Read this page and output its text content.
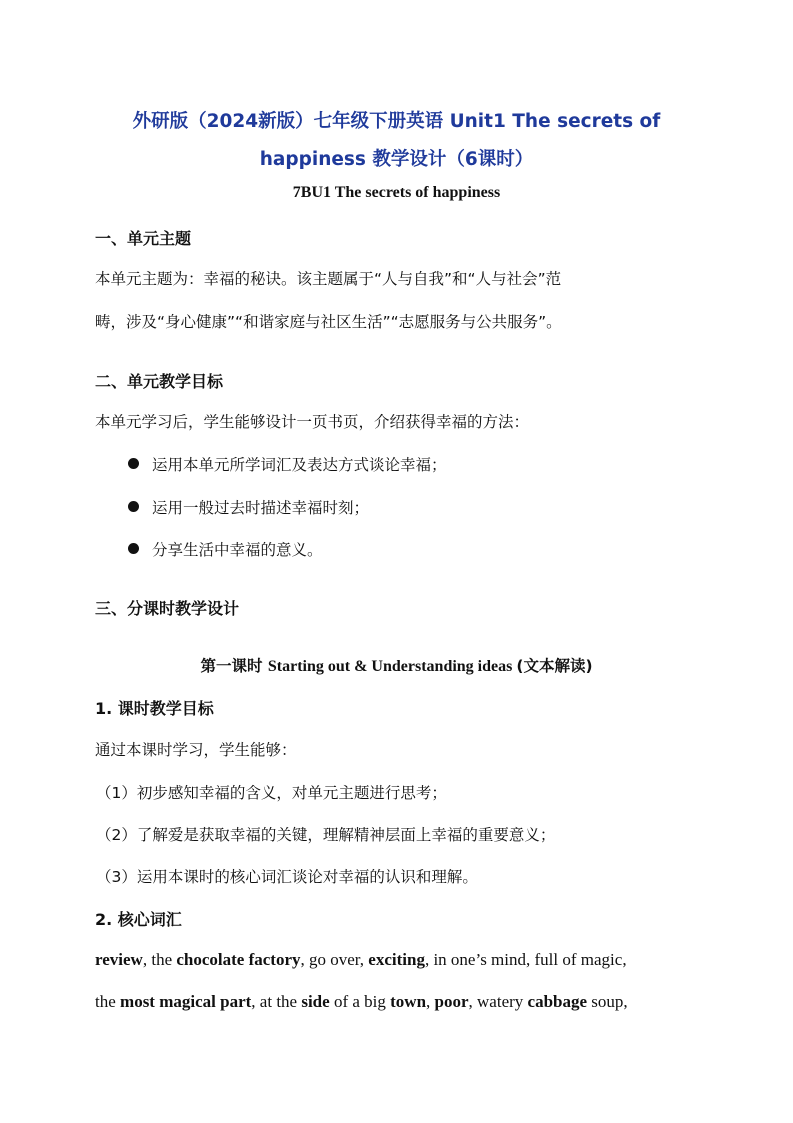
外研版（2024新版）七年级下册英语 Unit1 The secrets of
happiness 教学设计（6课时）
7BU1 The secrets of happiness
一、单元主题
本单元主题为：幸福的秘诀。该主题属于“人与自我”和“人与社会”范
畴，涉及“身心健康”“和谐家庭与社区生活”“志愿服务与公共服务”。
二、单元教学目标
本单元学习后，学生能够设计一页书页，介绍获得幸福的方法：
运用本单元所学词汇及表达方式谈论幸福；
运用一般过去时描述幸福时刻；
分享生活中幸福的意义。
三、分课时教学设计
第一课时 Starting out & Understanding ideas (文本解读)
1. 课时教学目标
通过本课时学习，学生能够：
（1）初步感知幸福的含义，对单元主题进行思考；
（2）了解爱是获取幸福的关键，理解精神层面上幸福的重要意义；
（3）运用本课时的核心词汇谈论对幸福的认识和理解。
2. 核心词汇
review, the chocolate factory, go over, exciting, in one’s mind, full of magic,
the most magical part, at the side of a big town, poor, watery cabbage soup,
